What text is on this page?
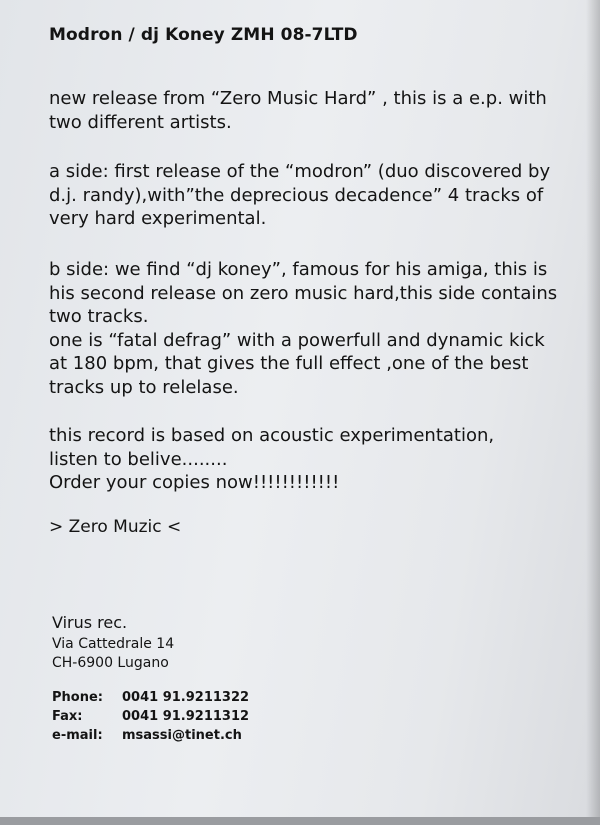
Modron / dj Koney ZMH 08-7LTD

new release from “Zero Music Hard” , this is a e.p. with
two different artists.

a side: first release of the “modron” (duo discovered by
d.j. randy),with”the deprecious decadence” 4 tracks of
very hard experimental.

b side: we find “dj koney”, famous for his amiga, this is
his second release on zero music hard,this side contains
two tracks.
one is “fatal defrag” with a powerfull and dynamic kick
at 180 bpm, that gives the full effect ,one of the best
tracks up to relelase.

this record is based on acoustic experimentation,
listen to belive........
Order your copies now!!!!!!!!!!!!

> Zero Muzic <
Virus rec.
Via Cattedrale 14
CH-6900 Lugano
Phone:	0041 91.9211322
Fax:	0041 91.9211312
e-mail:	msassi@tinet.ch
